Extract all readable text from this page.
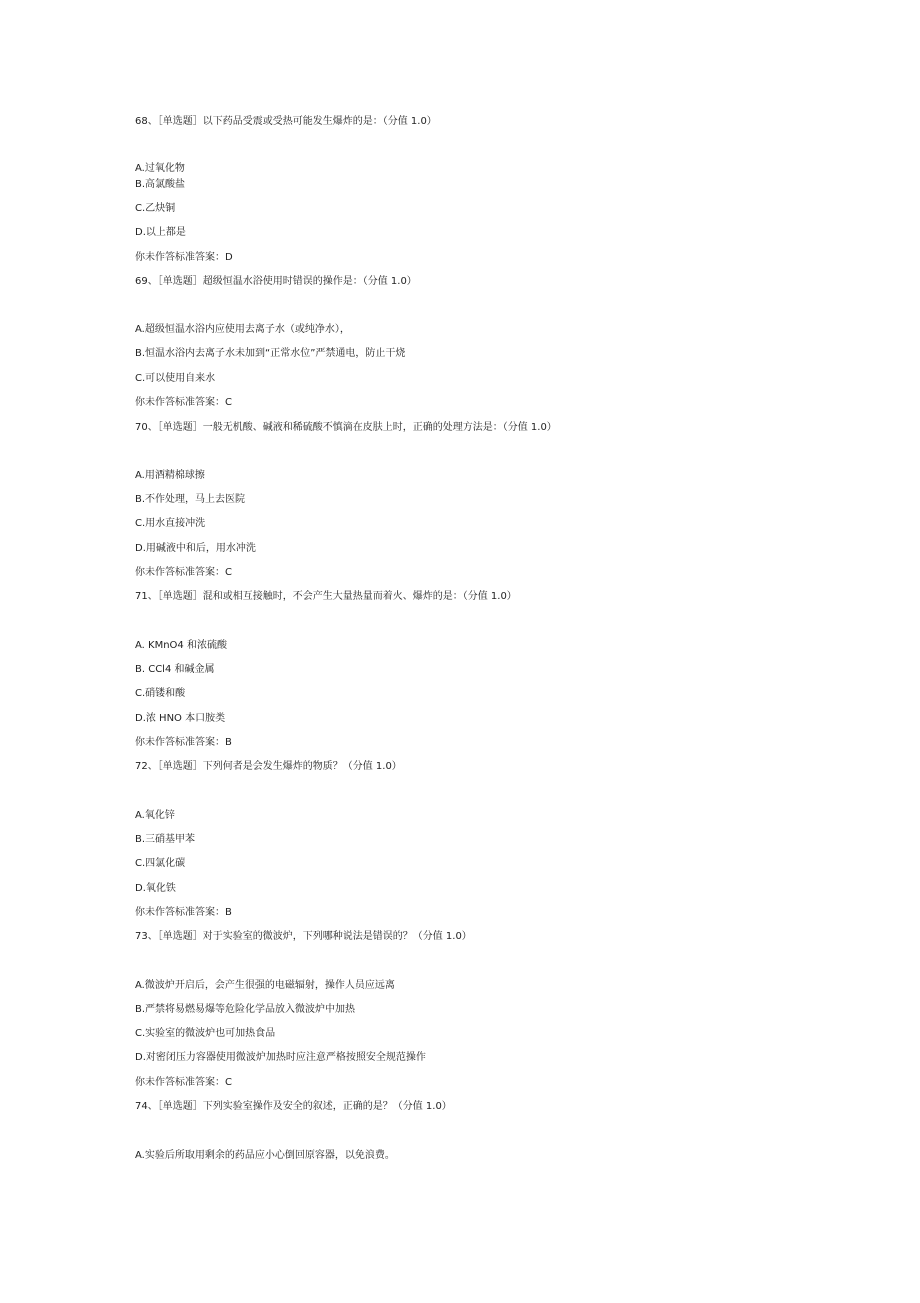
68、［单选题］以下药品受震或受热可能发生爆炸的是：（分值 1.0）
A.过氧化物
B.高氯酸盐
C.乙炔铜
D.以上都是
你未作答标准答案：D
69、［单选题］超级恒温水浴使用时错误的操作是：（分值 1.0）
A.超级恒温水浴内应使用去离子水（或纯净水），
B.恒温水浴内去离子水未加到“正常水位”严禁通电，防止干烧
C.可以使用自来水
你未作答标准答案：C
70、［单选题］一般无机酸、碱液和稀硫酸不慎滴在皮肤上时，正确的处理方法是：（分值 1.0）
A.用酒精棉球擦
B.不作处理，马上去医院
C.用水直接冲洗
D.用碱液中和后，用水冲洗
你未作答标准答案：C
71、［单选题］混和或相互接触时，不会产生大量热量而着火、爆炸的是：（分值 1.0）
A. KMnO4 和浓硫酸
B. CCl4 和碱金属
C.硝镂和酸
D.浓 HNO 本口胺类
你未作答标准答案：B
72、［单选题］下列何者是会发生爆炸的物质？（分值 1.0）
A.氧化锌
B.三硝基甲苯
C.四氯化碳
D.氧化铁
你未作答标准答案：B
73、［单选题］对于实验室的微波炉，下列哪种说法是错误的？（分值 1.0）
A.微波炉开启后，会产生很强的电磁辐射，操作人员应远离
B.严禁将易燃易爆等危险化学品放入微波炉中加热
C.实验室的微波炉也可加热食品
D.对密闭压力容器使用微波炉加热时应注意严格按照安全规范操作
你未作答标准答案：C
74、［单选题］下列实验室操作及安全的叙述，正确的是？（分值 1.0）
A.实验后所取用剩余的药品应小心倒回原容器，以免浪费。
